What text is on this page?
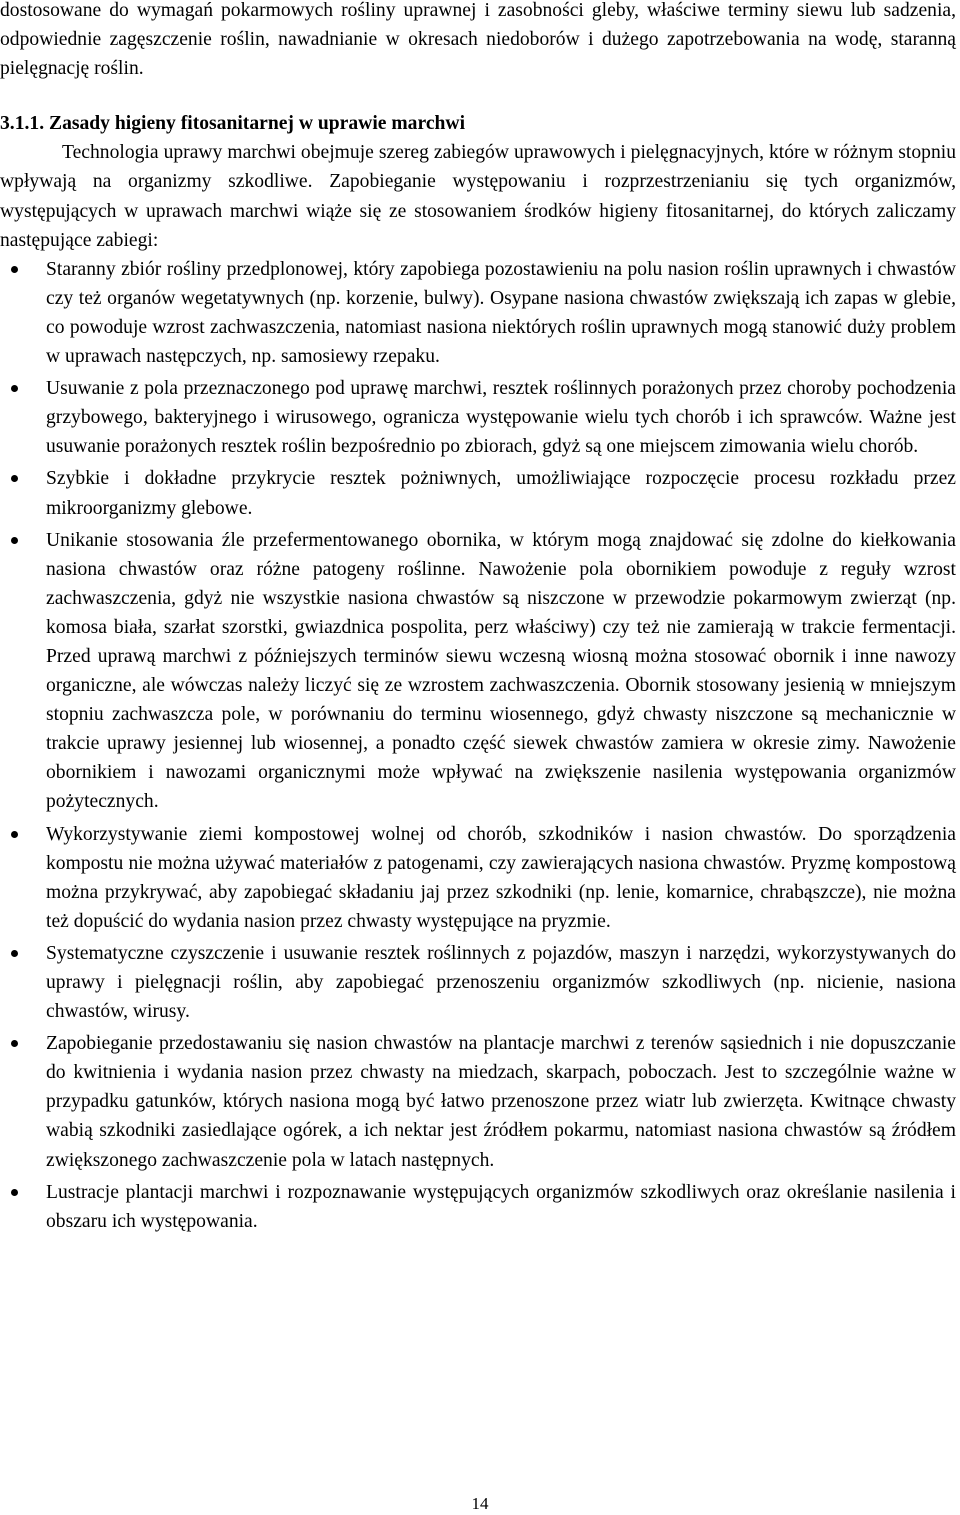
dostosowane do wymagań pokarmowych rośliny uprawnej i zasobności gleby, właściwe terminy siewu lub sadzenia, odpowiednie zagęszczenie roślin, nawadnianie w okresach niedoborów i dużego zapotrzebowania na wodę, staranną pielęgnację roślin.

3.1.1. Zasady higieny fitosanitarnej w uprawie marchwi

Technologia uprawy marchwi obejmuje szereg zabiegów uprawowych i pielęgnacyjnych, które w różnym stopniu wpływają na organizmy szkodliwe. Zapobieganie występowaniu i rozprzestrzenianiu się tych organizmów, występujących w uprawach marchwi wiąże się ze stosowaniem środków higieny fitosanitarnej, do których zaliczamy następujące zabiegi:

Staranny zbiór rośliny przedplonowej, który zapobiega pozostawieniu na polu nasion roślin uprawnych i chwastów czy też organów wegetatywnych (np. korzenie, bulwy). Osypane nasiona chwastów zwiększają ich zapas w glebie, co powoduje wzrost zachwaszczenia, natomiast nasiona niektórych roślin uprawnych mogą stanowić duży problem w uprawach następczych, np. samosiewy rzepaku.
Usuwanie z pola przeznaczonego pod uprawę marchwi, resztek roślinnych porażonych przez choroby pochodzenia grzybowego, bakteryjnego i wirusowego, ogranicza występowanie wielu tych chorób i ich sprawców. Ważne jest usuwanie porażonych resztek roślin bezpośrednio po zbiorach, gdyż są one miejscem zimowania wielu chorób.
Szybkie i dokładne przykrycie resztek pożniwnych, umożliwiające rozpoczęcie procesu rozkładu przez mikroorganizmy glebowe.
Unikanie stosowania źle przefermentowanego obornika, w którym mogą znajdować się zdolne do kiełkowania nasiona chwastów oraz różne patogeny roślinne. Nawożenie pola obornikiem powoduje z reguły wzrost zachwaszczenia, gdyż nie wszystkie nasiona chwastów są niszczone w przewodzie pokarmowym zwierząt (np. komosa biała, szarłat szorstki, gwiazdnica pospolita, perz właściwy) czy też nie zamierają w trakcie fermentacji. Przed uprawą marchwi z późniejszych terminów siewu wczesną wiosną można stosować obornik i inne nawozy organiczne, ale wówczas należy liczyć się ze wzrostem zachwaszczenia. Obornik stosowany jesienią w mniejszym stopniu zachwaszcza pole, w porównaniu do terminu wiosennego, gdyż chwasty niszczone są mechanicznie w trakcie uprawy jesiennej lub wiosennej, a ponadto część siewek chwastów zamiera w okresie zimy. Nawożenie obornikiem i nawozami organicznymi może wpływać na zwiększenie nasilenia występowania organizmów pożytecznych.
Wykorzystywanie ziemi kompostowej wolnej od chorób, szkodników i nasion chwastów. Do sporządzenia kompostu nie można używać materiałów z patogenami, czy zawierających nasiona chwastów. Pryzmę kompostową można przykrywać, aby zapobiegać składaniu jaj przez szkodniki (np. lenie, komarnice, chrabąszcze), nie można też dopuścić do wydania nasion przez chwasty występujące na pryzmie.
Systematyczne czyszczenie i usuwanie resztek roślinnych z pojazdów, maszyn i narzędzi, wykorzystywanych do uprawy i pielęgnacji roślin, aby zapobiegać przenoszeniu organizmów szkodliwych (np. nicienie, nasiona chwastów, wirusy.
Zapobieganie przedostawaniu się nasion chwastów na plantacje marchwi z terenów sąsiednich i nie dopuszczanie do kwitnienia i wydania nasion przez chwasty na miedzach, skarpach, poboczach. Jest to szczególnie ważne w przypadku gatunków, których nasiona mogą być łatwo przenoszone przez wiatr lub zwierzęta. Kwitnące chwasty wabią szkodniki zasiedlające ogórek, a ich nektar jest źródłem pokarmu, natomiast nasiona chwastów są źródłem zwiększonego zachwaszczenie pola w latach następnych.
Lustracje plantacji marchwi i rozpoznawanie występujących organizmów szkodliwych oraz określanie nasilenia i obszaru ich występowania.
14
